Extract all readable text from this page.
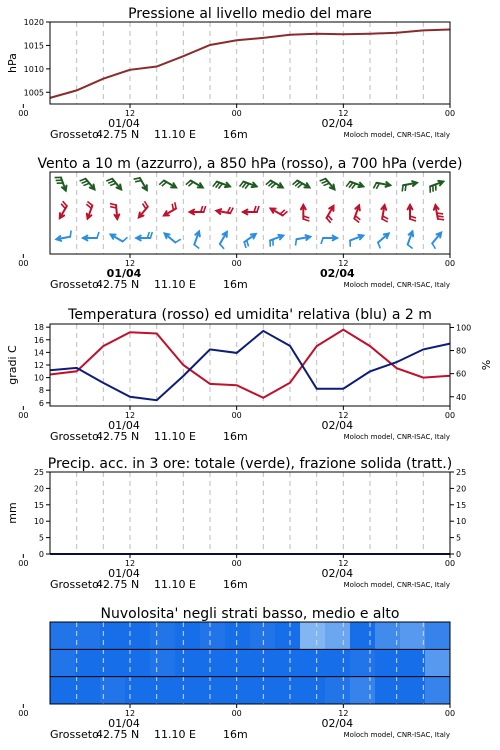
Pressione al livello medio del mare
1005
1010
1015
1020
hPa
00	12	00	12	00
01/04	02/04
Grosseto
42.75 N 11.10 E 16m	Moloch model, CNR-ISAC, Italy
Vento a 10 m (azzurro), a 850 hPa (rosso), a 700 hPa (verde)
00	12	00	12	00
01/04	02/04
Grosseto
42.75 N 11.10 E 16m	Moloch model, CNR-ISAC, Italy
Temperatura (rosso) ed umidita' relativa (blu) a 2 m
6
8
10
12
14
16
18
40
60
80
100
gradi C	%
00	12	00	12	00
01/04	02/04
Grosseto
42.75 N 11.10 E 16m	Moloch model, CNR-ISAC, Italy
Precip. acc. in 3 ore: totale (verde), frazione solida (tratt.)
0
5
10
15
20
25
0
5
10
15
20
25
mm
00	12	00	12	00
01/04	02/04
Grosseto
42.75 N 11.10 E 16m	Moloch model, CNR-ISAC, Italy
Nuvolosita' negli strati basso, medio e alto
00	12	00	12	00
01/04	02/04
Grosseto
42.75 N 11.10 E 16m	Moloch model, CNR-ISAC, Italy
